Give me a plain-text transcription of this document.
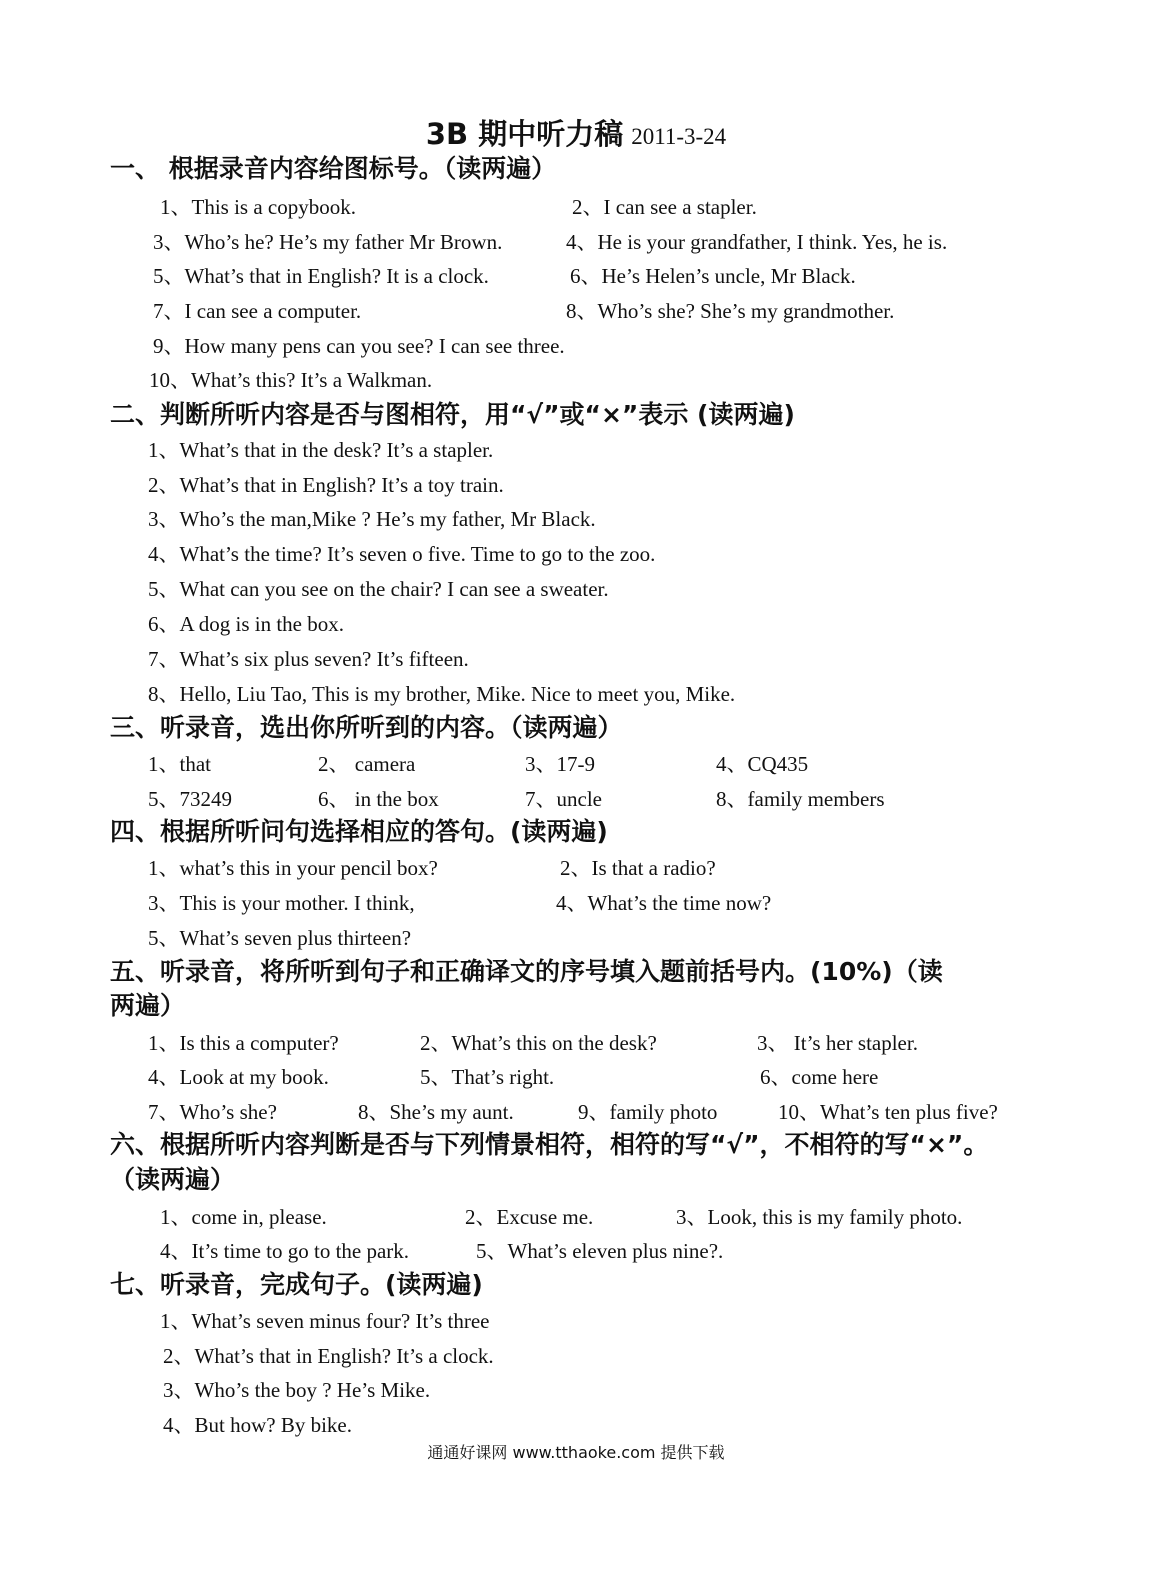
3B 期中听力稿 2011-3-24
一、 根据录音内容给图标号。（读两遍）
1、This is a copybook.	2、I can see a stapler.
3、Who’s he? He’s my father Mr Brown.	4、He is your grandfather, I think. Yes, he is.
5、What’s that in English? It is a clock.	6、He’s Helen’s uncle, Mr Black.
7、I can see a computer.	8、Who’s she? She’s my grandmother.
9、How many pens can you see? I can see three.
10、What’s this? It’s a Walkman.
二、判断所听内容是否与图相符，用“√”或“×”表示 (读两遍)
1、What’s that in the desk? It’s a stapler.
2、What’s that in English? It’s a toy train.
3、Who’s the man,Mike ? He’s my father, Mr Black.
4、What’s the time? It’s seven o five. Time to go to the zoo.
5、What can you see on the chair? I can see a sweater.
6、A dog is in the box.
7、What’s six plus seven? It’s fifteen.
8、Hello, Liu Tao, This is my brother, Mike. Nice to meet you, Mike.
三、听录音，选出你所听到的内容。（读两遍）
1、that	2、 camera	3、17-9	4、CQ435
5、73249	6、 in the box	7、uncle	8、family members
四、根据所听问句选择相应的答句。(读两遍)
1、what’s this in your pencil box?	2、Is that a radio?
3、This is your mother. I think,	4、What’s the time now?
5、What’s seven plus thirteen?
五、听录音，将所听到句子和正确译文的序号填入题前括号内。(10%)（读
两遍）
1、Is this a computer?	2、What’s this on the desk?	3、 It’s her stapler.
4、Look at my book.	5、That’s right.	6、come here
7、Who’s she?	8、She’s my aunt.	9、family photo	10、What’s ten plus five?
六、根据所听内容判断是否与下列情景相符，相符的写“√”，不相符的写“×”。
（读两遍）
1、come in, please.	2、Excuse me.	3、Look, this is my family photo.
4、It’s time to go to the park.	5、What’s eleven plus nine?.
七、听录音，完成句子。(读两遍)
1、What’s seven minus four? It’s three
2、What’s that in English? It’s a clock.
3、Who’s the boy ? He’s Mike.
4、But how? By bike.
通通好课网 www.tthaoke.com 提供下载
